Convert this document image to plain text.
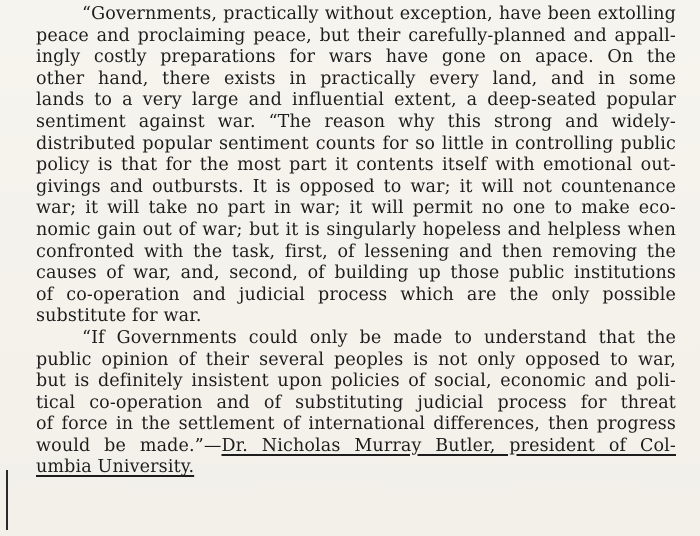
“Governments, practically without exception, have been extolling
peace and proclaiming peace, but their carefully-planned and appall-
ingly costly preparations for wars have gone on apace. On the
other hand, there exists in practically every land, and in some
lands to a very large and influential extent, a deep-seated popular
sentiment against war. “The reason why this strong and widely-
distributed popular sentiment counts for so little in controlling public
policy is that for the most part it contents itself with emotional out-
givings and outbursts. It is opposed to war; it will not countenance
war; it will take no part in war; it will permit no one to make eco-
nomic gain out of war; but it is singularly hopeless and helpless when
confronted with the task, first, of lessening and then removing the
causes of war, and, second, of building up those public institutions
of co-operation and judicial process which are the only possible
substitute for war.
“If Governments could only be made to understand that the
public opinion of their several peoples is not only opposed to war,
but is definitely insistent upon policies of social, economic and poli-
tical co-operation and of substituting judicial process for threat
of force in the settlement of international differences, then progress
would be made.”—Dr. Nicholas Murray Butler, president of Col-
umbia University.
